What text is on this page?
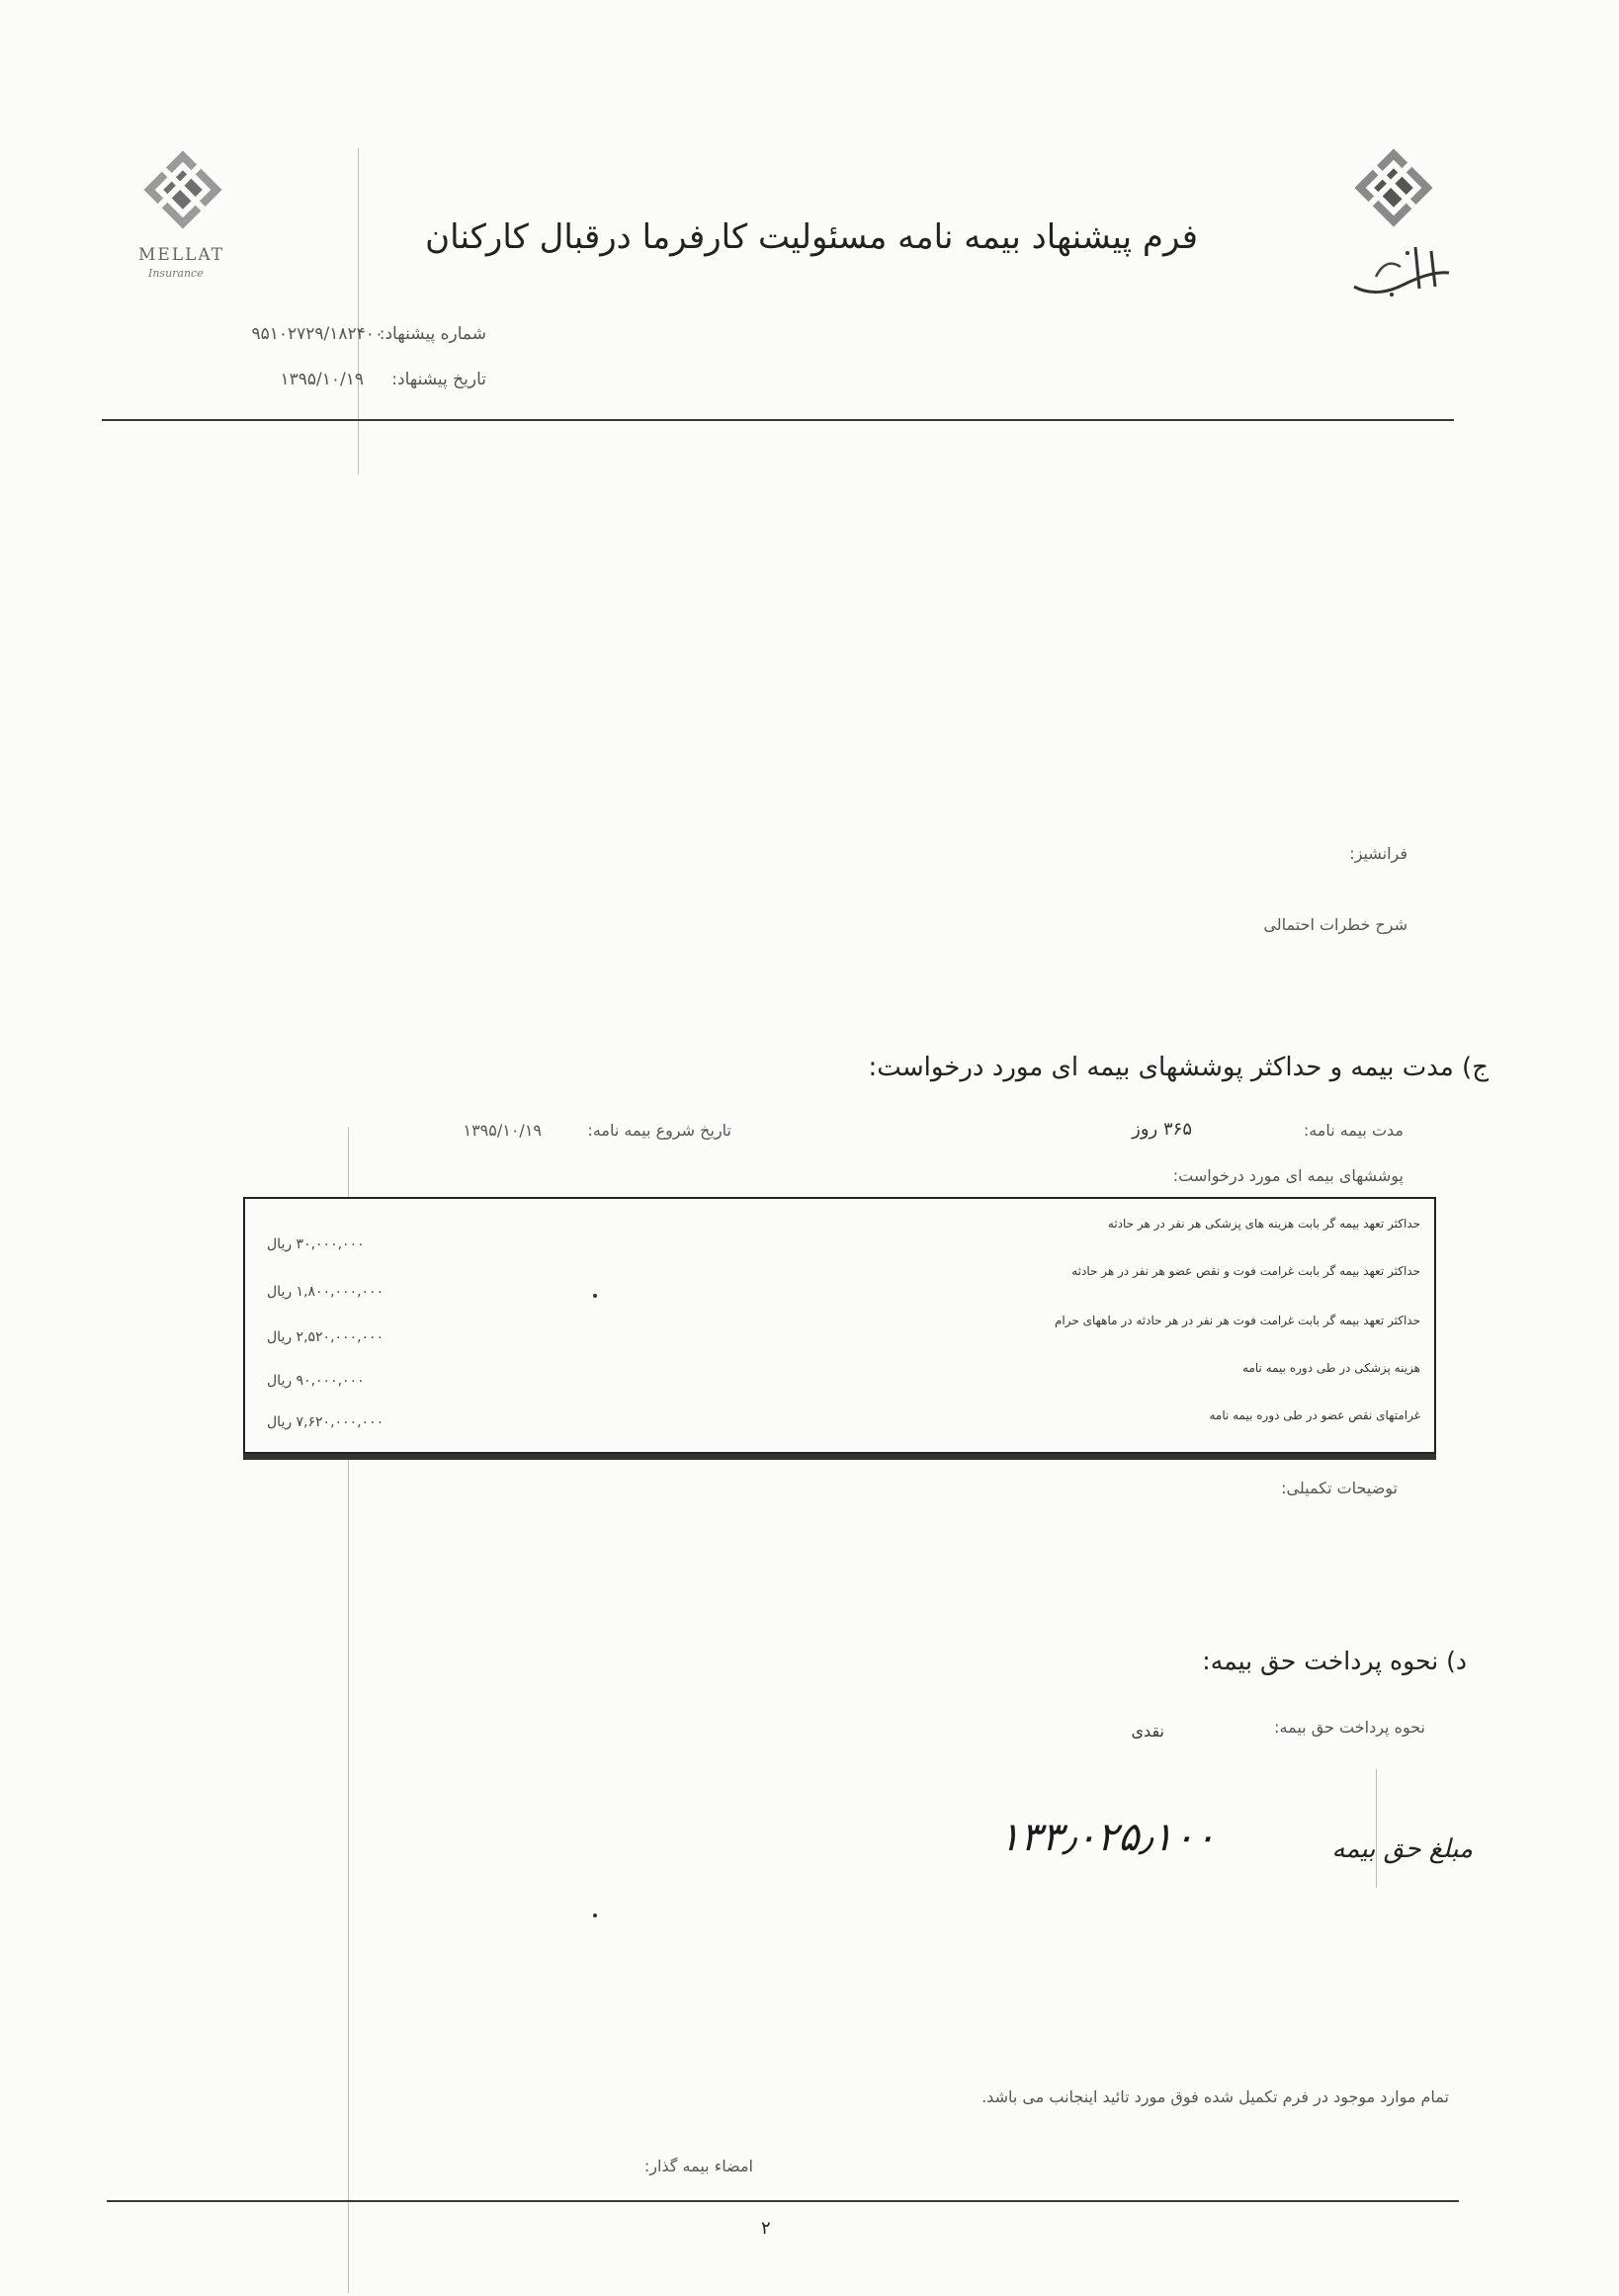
MELLAT
Insurance
فرم پیشنهاد بیمه نامه مسئولیت کارفرما درقبال کارکنان
شماره پیشنهاد:
۹۵۱۰۲۷۲۹/۱۸۲۴۰۰
تاریخ پیشنهاد:
۱۳۹۵/۱۰/۱۹
فرانشیز:
شرح خطرات احتمالی
ج) مدت بیمه و حداکثر پوششهای بیمه ای مورد درخواست:
مدت بیمه نامه:
۳۶۵ روز
تاریخ شروع بیمه نامه:
۱۳۹۵/۱۰/۱۹
پوششهای بیمه ای مورد درخواست:
حداکثر تعهد بیمه گر بابت هزینه های پزشکی هر نفر در هر حادثه
۳۰,۰۰۰,۰۰۰ ریال
حداکثر تعهد بیمه گر بابت غرامت فوت و نقص عضو هر نفر در هر حادثه
۱,۸۰۰,۰۰۰,۰۰۰ ریال
حداکثر تعهد بیمه گر بابت غرامت فوت هر نفر در هر حادثه در ماههای حرام
۲,۵۲۰,۰۰۰,۰۰۰ ریال
هزینه پزشکی در طی دوره بیمه نامه
۹۰,۰۰۰,۰۰۰ ریال
غرامتهای نقص عضو در طی دوره بیمه نامه
۷,۶۲۰,۰۰۰,۰۰۰ ریال
توضیحات تکمیلی:
د) نحوه پرداخت حق بیمه:
نحوه پرداخت حق بیمه:
نقدی
مبلغ حق بیمه
۱۳۳٫۰۲۵٫۱۰۰
تمام موارد موجود در فرم تکمیل شده فوق مورد تائید اینجانب می باشد.
امضاء بیمه گذار:
۲
